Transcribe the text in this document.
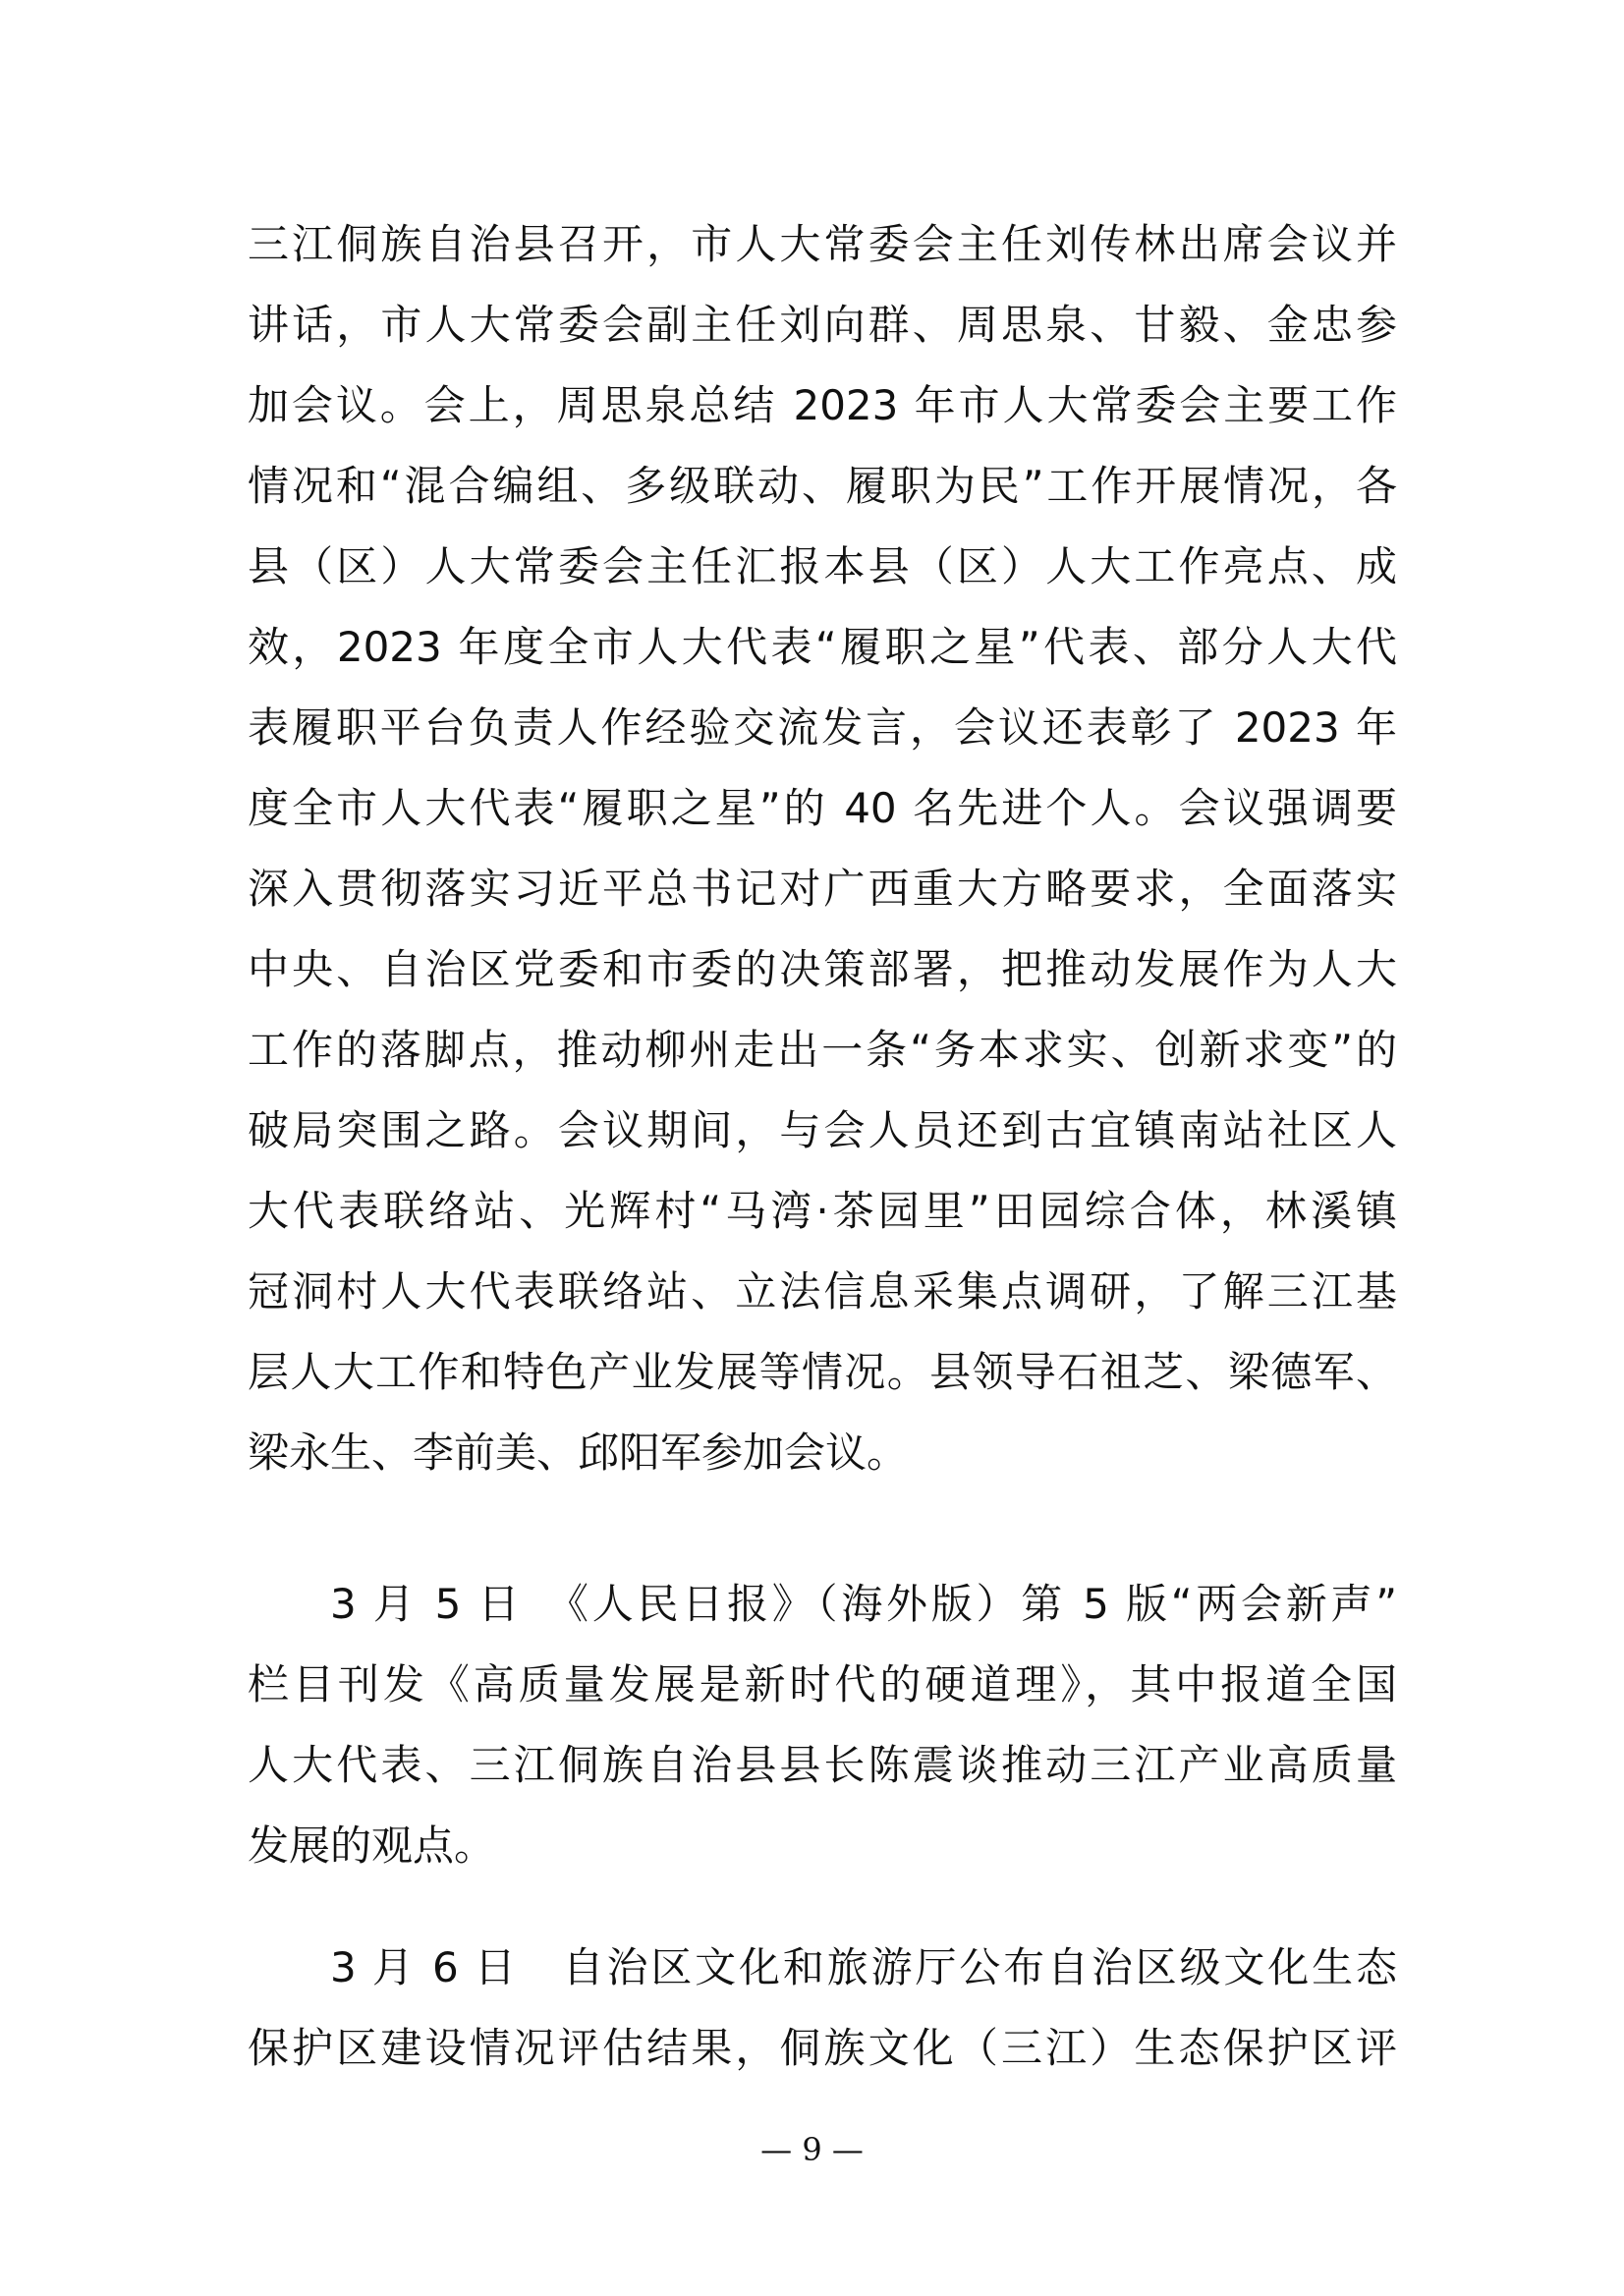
三江侗族自治县召开，市人大常委会主任刘传林出席会议并
讲话，市人大常委会副主任刘向群、周思泉、甘毅、金忠参
加会议。会上，周思泉总结 2023 年市人大常委会主要工作
情况和“混合编组、多级联动、履职为民”工作开展情况，各
县（区）人大常委会主任汇报本县（区）人大工作亮点、成
效，2023 年度全市人大代表“履职之星”代表、部分人大代
表履职平台负责人作经验交流发言，会议还表彰了 2023 年
度全市人大代表“履职之星”的 40 名先进个人。会议强调要
深入贯彻落实习近平总书记对广西重大方略要求，全面落实
中央、自治区党委和市委的决策部署，把推动发展作为人大
工作的落脚点，推动柳州走出一条“务本求实、创新求变”的
破局突围之路。会议期间，与会人员还到古宜镇南站社区人
大代表联络站、光辉村“马湾·茶园里”田园综合体，林溪镇
冠洞村人大代表联络站、立法信息采集点调研，了解三江基
层人大工作和特色产业发展等情况。县领导石祖芝、梁德军、
梁永生、李前美、邱阳军参加会议。
3 月 5 日　《人民日报》（海外版）第 5 版“两会新声”
栏目刊发《高质量发展是新时代的硬道理》，其中报道全国
人大代表、三江侗族自治县县长陈震谈推动三江产业高质量
发展的观点。
3 月 6 日　自治区文化和旅游厅公布自治区级文化生态
保护区建设情况评估结果，侗族文化（三江）生态保护区评
— 9 —
